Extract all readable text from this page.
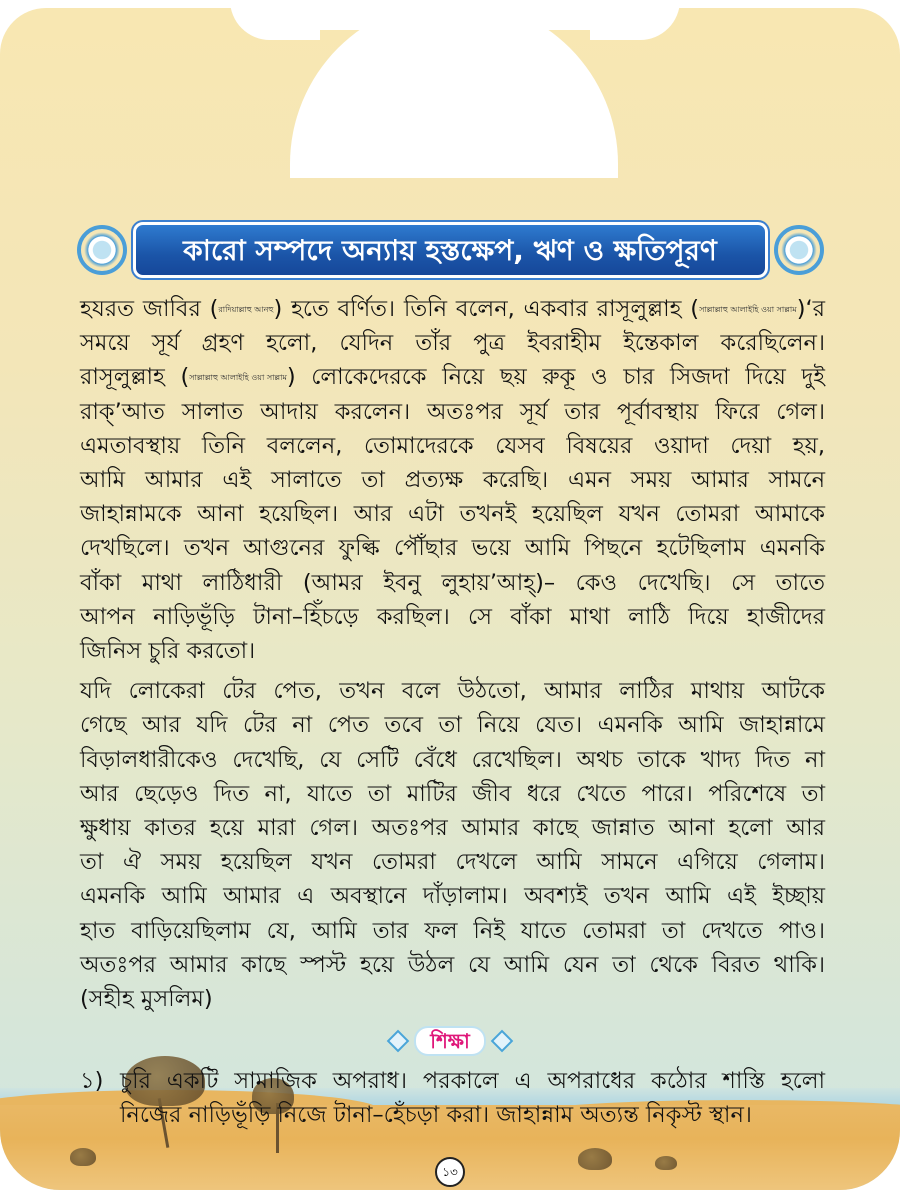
কারো সম্পদে অন্যায় হস্তক্ষেপ, ঋণ ও ক্ষতিপূরণ
হযরত জাবির (রাদিয়াল্লাহু আনহু) হতে বর্ণিত। তিনি বলেন, একবার রাসূলুল্লাহ (সাল্লাল্লাহু আলাইহি ওয়া সাল্লাম)‘র
সময়ে সূর্য গ্রহণ হলো, যেদিন তাঁর পুত্র ইবরাহীম ইন্তেকাল করেছিলেন।
রাসূলুল্লাহ (সাল্লাল্লাহু আলাইহি ওয়া সাল্লাম) লোকেদেরকে নিয়ে ছয় রুকূ ও চার সিজদা দিয়ে দুই
রাক্‌’আত সালাত আদায় করলেন। অতঃপর সূর্য তার পূর্বাবস্থায় ফিরে গেল।
এমতাবস্থায় তিনি বললেন, তোমাদেরকে যেসব বিষয়ের ওয়াদা দেয়া হয়,
আমি আমার এই সালাতে তা প্রত্যক্ষ করেছি। এমন সময় আমার সামনে
জাহান্নামকে আনা হয়েছিল। আর এটা তখনই হয়েছিল যখন তোমরা আমাকে
দেখছিলে। তখন আগুনের ফুল্কি পৌঁছার ভয়ে আমি পিছনে হটেছিলাম এমনকি
বাঁকা মাথা লাঠিধারী (আমর ইবনু লুহায়’আহ্)– কেও দেখেছি। সে তাতে
আপন নাড়িভূঁড়ি টানা–হিঁচড়ে করছিল। সে বাঁকা মাথা লাঠি দিয়ে হাজীদের
জিনিস চুরি করতো।
যদি লোকেরা টের পেত, তখন বলে উঠতো, আমার লাঠির মাথায় আটকে
গেছে আর যদি টের না পেত তবে তা নিয়ে যেত। এমনকি আমি জাহান্নামে
বিড়ালধারীকেও দেখেছি, যে সেটি বেঁধে রেখেছিল। অথচ তাকে খাদ্য দিত না
আর ছেড়েও দিত না, যাতে তা মাটির জীব ধরে খেতে পারে। পরিশেষে তা
ক্ষুধায় কাতর হয়ে মারা গেল। অতঃপর আমার কাছে জান্নাত আনা হলো আর
তা ঐ সময় হয়েছিল যখন তোমরা দেখলে আমি সামনে এগিয়ে গেলাম।
এমনকি আমি আমার এ অবস্থানে দাঁড়ালাম। অবশ্যই তখন আমি এই ইচ্ছায়
হাত বাড়িয়েছিলাম যে, আমি তার ফল নিই যাতে তোমরা তা দেখতে পাও।
অতঃপর আমার কাছে স্পস্ট হয়ে উঠল যে আমি যেন তা থেকে বিরত থাকি।
(সহীহ মুসলিম)
শিক্ষা
১) চুরি একটি সামাজিক অপরাধ। পরকালে এ অপরাধের কঠোর শাস্তি হলো
নিজের নাড়িভূঁড়ি নিজে টানা–হেঁচড়া করা। জাহান্নাম অত্যন্ত নিকৃস্ট স্থান।
১৩
